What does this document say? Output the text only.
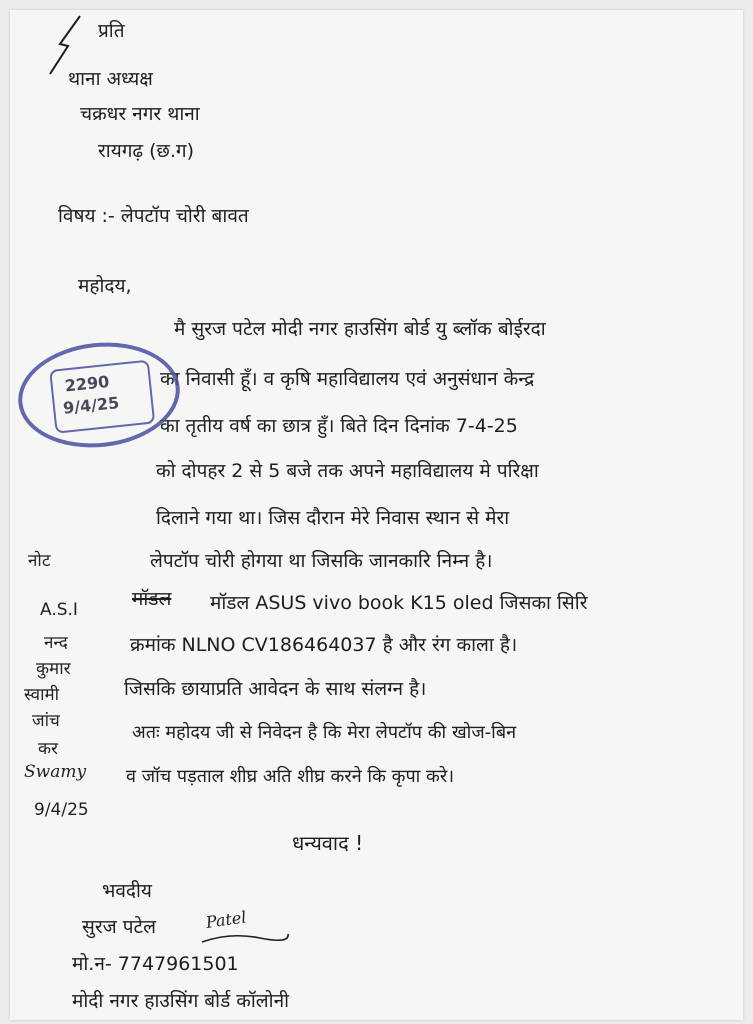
प्रति
थाना अध्यक्ष
चक्रधर नगर थाना
रायगढ़ (छ.ग)
विषय :- लेपटॉप चोरी बावत
महोदय,
मै सुरज पटेल मोदी नगर हाउसिंग बोर्ड यु ब्लॉक बोईरदा
का निवासी हूँ। व कृषि महाविद्यालय एवं अनुसंधान केन्द्र
का तृतीय वर्ष का छात्र हुँ। बिते दिन दिनांक 7-4-25
को दोपहर 2 से 5 बजे तक अपने महाविद्यालय मे परिक्षा
दिलाने गया था। जिस दौरान मेरे निवास स्थान से मेरा
लेपटॉप चोरी होगया था जिसकि जानकारि निम्न है।
मॉडल मॉडल ASUS vivo book K15 oled जिसका सिरि
क्रमांक NLNO CV186464037 है और रंग काला है।
जिसकि छायाप्रति आवेदन के साथ संलग्न है।
अतः महोदय जी से निवेदन है कि मेरा लेपटॉप की खोज-बिन
व जॉच पड़ताल शीघ्र अति शीघ्र करने कि कृपा करे।
धन्यवाद !
भवदीय
सुरज पटेल	Patel
मो.न- 7747961501
मोदी नगर हाउसिंग बोर्ड कॉलोनी
2290
9/4/25
नोट
A.S.I
नन्द
कुमार
स्वामी
जांच
कर
Swamy
9/4/25
